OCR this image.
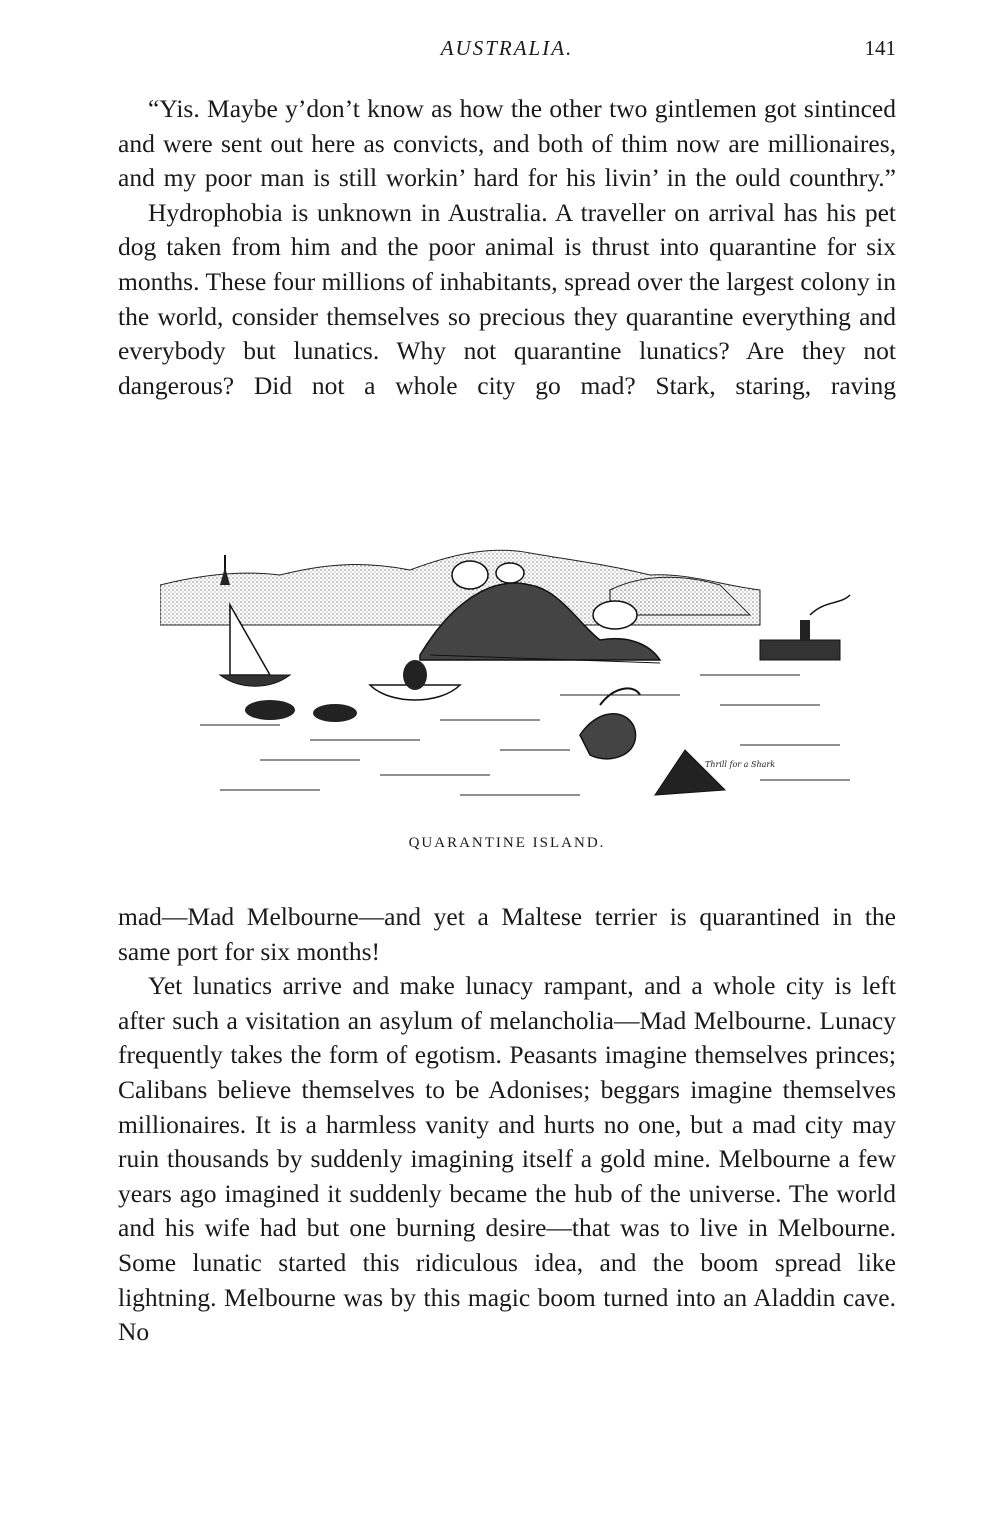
AUSTRALIA.	141

“Yis. Maybe y’don’t know as how the other two gintlemen got sintinced and were sent out here as convicts, and both of thim now are millionaires, and my poor man is still workin’ hard for his livin’ in the ould counthry.”

Hydrophobia is unknown in Australia. A traveller on arrival has his pet dog taken from him and the poor animal is thrust into quarantine for six months. These four millions of inhabitants, spread over the largest colony in the world, consider themselves so precious they quarantine everything and everybody but lunatics. Why not quarantine lunatics? Are they not dangerous? Did not a whole city go mad? Stark, staring, raving

Thrill for a Shark
QUARANTINE ISLAND.

mad—Mad Melbourne—and yet a Maltese terrier is quarantined in the same port for six months!

Yet lunatics arrive and make lunacy rampant, and a whole city is left after such a visitation an asylum of melancholia—Mad Melbourne. Lunacy frequently takes the form of egotism. Peasants imagine themselves princes; Calibans believe themselves to be Adonises; beggars imagine themselves millionaires. It is a harmless vanity and hurts no one, but a mad city may ruin thousands by suddenly imagining itself a gold mine. Melbourne a few years ago imagined it suddenly became the hub of the universe. The world and his wife had but one burning desire—that was to live in Melbourne. Some lunatic started this ridiculous idea, and the boom spread like lightning. Melbourne was by this magic boom turned into an Aladdin cave. No
